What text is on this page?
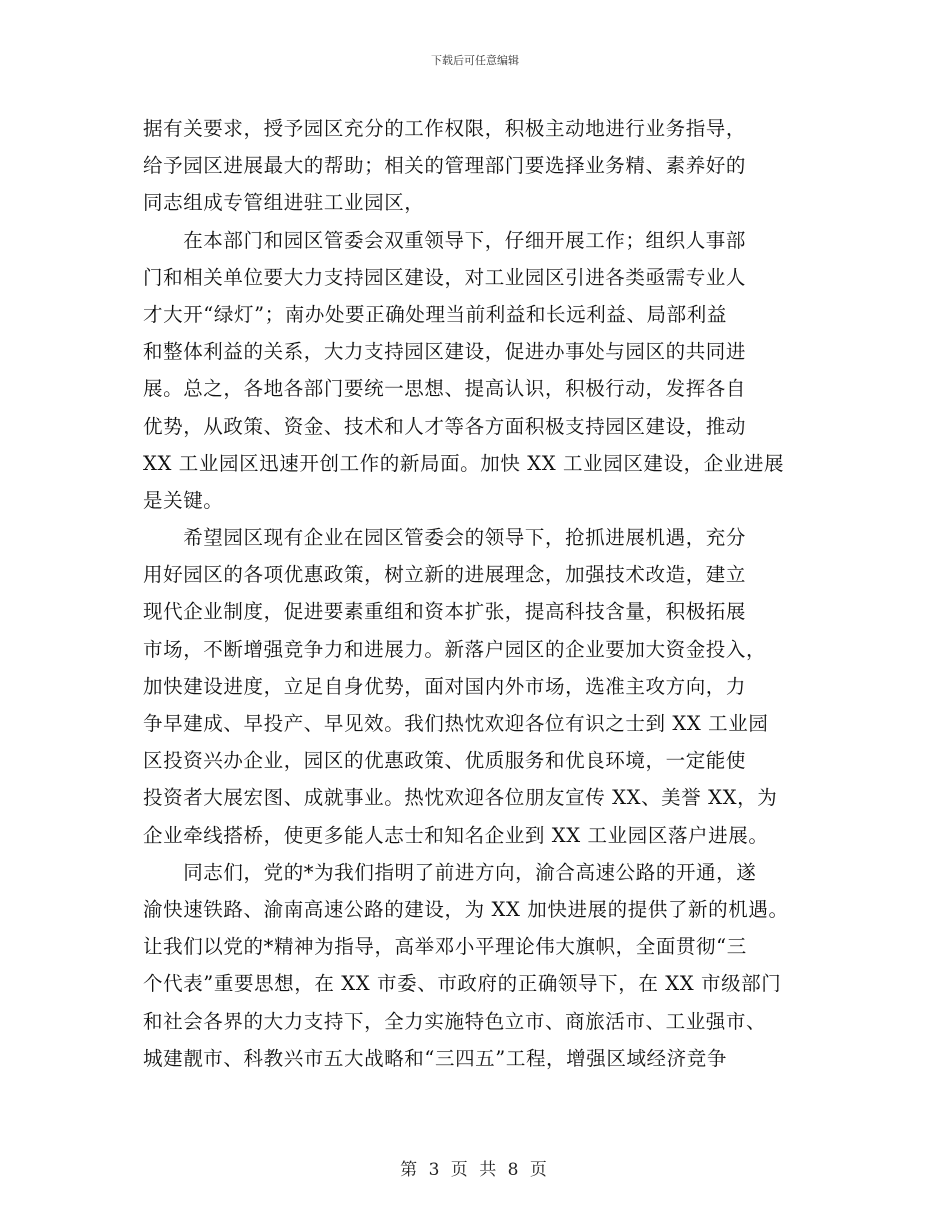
下载后可任意编辑
据有关要求，授予园区充分的工作权限，积极主动地进行业务指导，
给予园区进展最大的帮助；相关的管理部门要选择业务精、素养好的
同志组成专管组进驻工业园区，
　　在本部门和园区管委会双重领导下，仔细开展工作；组织人事部
门和相关单位要大力支持园区建设，对工业园区引进各类亟需专业人
才大开“绿灯”；南办处要正确处理当前利益和长远利益、局部利益
和整体利益的关系，大力支持园区建设，促进办事处与园区的共同进
展。总之，各地各部门要统一思想、提高认识，积极行动，发挥各自
优势，从政策、资金、技术和人才等各方面积极支持园区建设，推动
XX 工业园区迅速开创工作的新局面。加快 XX 工业园区建设，企业进展
是关键。
　　希望园区现有企业在园区管委会的领导下，抢抓进展机遇，充分
用好园区的各项优惠政策，树立新的进展理念，加强技术改造，建立
现代企业制度，促进要素重组和资本扩张，提高科技含量，积极拓展
市场，不断增强竞争力和进展力。新落户园区的企业要加大资金投入，
加快建设进度，立足自身优势，面对国内外市场，选准主攻方向，力
争早建成、早投产、早见效。我们热忱欢迎各位有识之士到 XX 工业园
区投资兴办企业，园区的优惠政策、优质服务和优良环境，一定能使
投资者大展宏图、成就事业。热忱欢迎各位朋友宣传 XX、美誉 XX，为
企业牵线搭桥，使更多能人志士和知名企业到 XX 工业园区落户进展。
　　同志们，党的*为我们指明了前进方向，渝合高速公路的开通，遂
渝快速铁路、渝南高速公路的建设，为 XX 加快进展的提供了新的机遇。
让我们以党的*精神为指导，高举邓小平理论伟大旗帜，全面贯彻“三
个代表”重要思想，在 XX 市委、市政府的正确领导下，在 XX 市级部门
和社会各界的大力支持下，全力实施特色立市、商旅活市、工业强市、
城建靓市、科教兴市五大战略和“三四五”工程，增强区域经济竞争
第 3 页 共 8 页
